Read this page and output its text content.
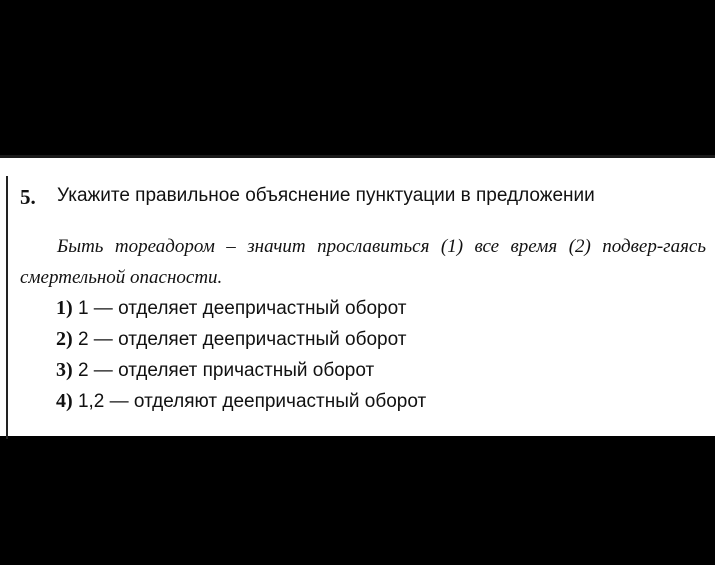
5. Укажите правильное объяснение пунктуации в предложении
Быть тореадором – значит прославиться (1) все время (2) подвер-гаясь смертельной опасности.
1) 1 — отделяет деепричастный оборот
2) 2 — отделяет деепричастный оборот
3) 2 — отделяет причастный оборот
4) 1,2 — отделяют деепричастный оборот
